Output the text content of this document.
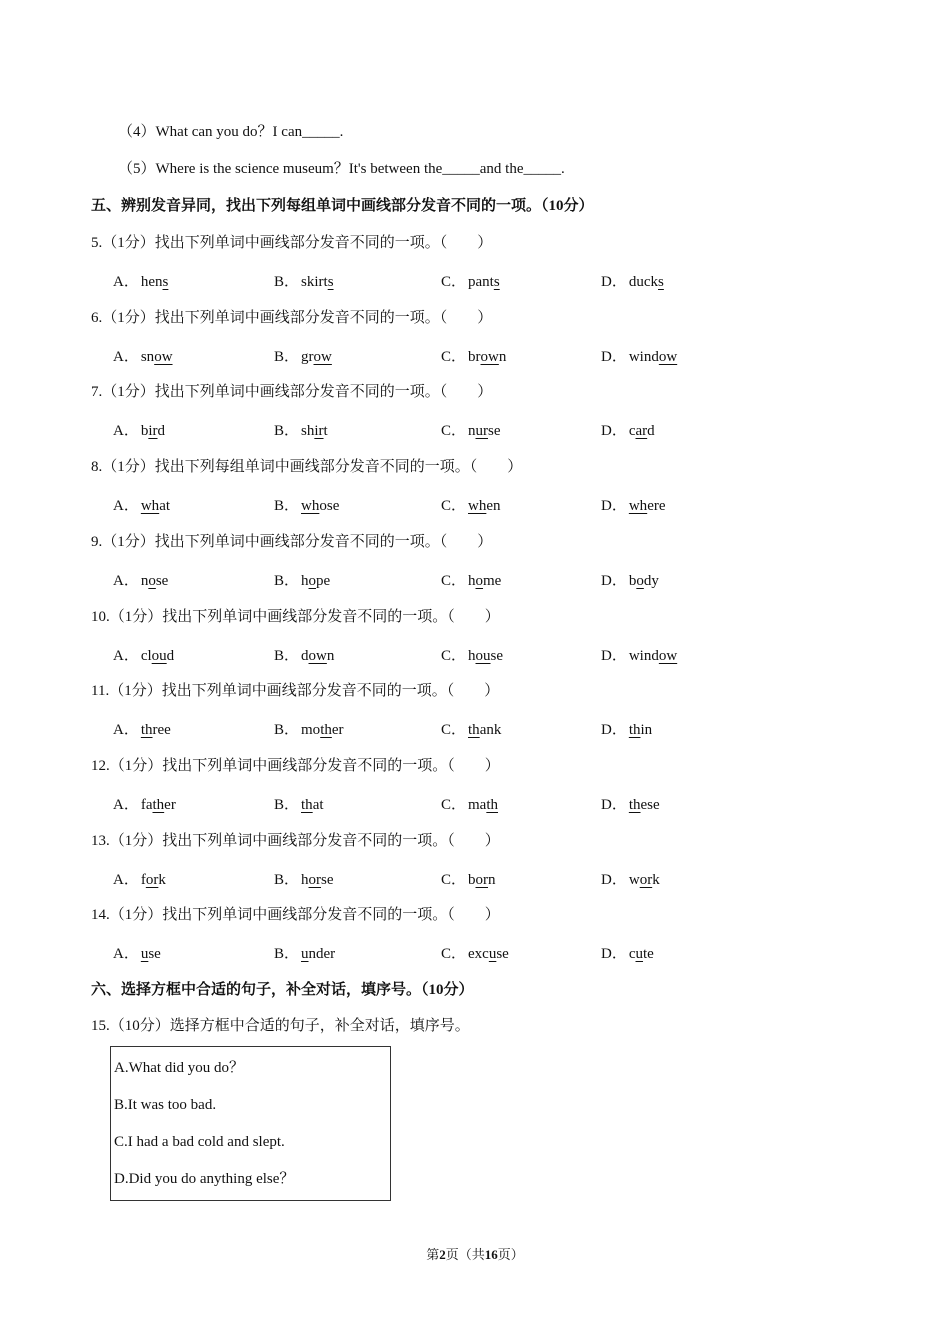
（4）What can you do？I can_____.
（5）Where is the science museum？It's between the_____and the_____.
五、辨别发音异同，找出下列每组单词中画线部分发音不同的一项。（10分）
5.（1分）找出下列单词中画线部分发音不同的一项。（　　）
A． hens	B． skirts	C． pants	D． ducks
6.（1分）找出下列单词中画线部分发音不同的一项。（　　）
A． snow	B． grow	C． brown	D． window
7.（1分）找出下列单词中画线部分发音不同的一项。（　　）
A． bird	B． shirt	C． nurse	D． card
8.（1分）找出下列每组单词中画线部分发音不同的一项。（　　）
A． what	B． whose	C． when	D． where
9.（1分）找出下列单词中画线部分发音不同的一项。（　　）
A． nose	B． hope	C． home	D． body
10.（1分）找出下列单词中画线部分发音不同的一项。（　　）
A． cloud	B． down	C． house	D． window
11.（1分）找出下列单词中画线部分发音不同的一项。（　　）
A． three	B． mother	C． thank	D． thin
12.（1分）找出下列单词中画线部分发音不同的一项。（　　）
A． father	B． that	C． math	D． these
13.（1分）找出下列单词中画线部分发音不同的一项。（　　）
A． fork	B． horse	C． born	D． work
14.（1分）找出下列单词中画线部分发音不同的一项。（　　）
A． use	B． under	C． excuse	D． cute
六、选择方框中合适的句子，补全对话，填序号。（10分）
15.（10分）选择方框中合适的句子，补全对话，填序号。
A.What did you do？
B.It was too bad.
C.I had a bad cold and slept.
D.Did you do anything else？
第2页（共16页）
